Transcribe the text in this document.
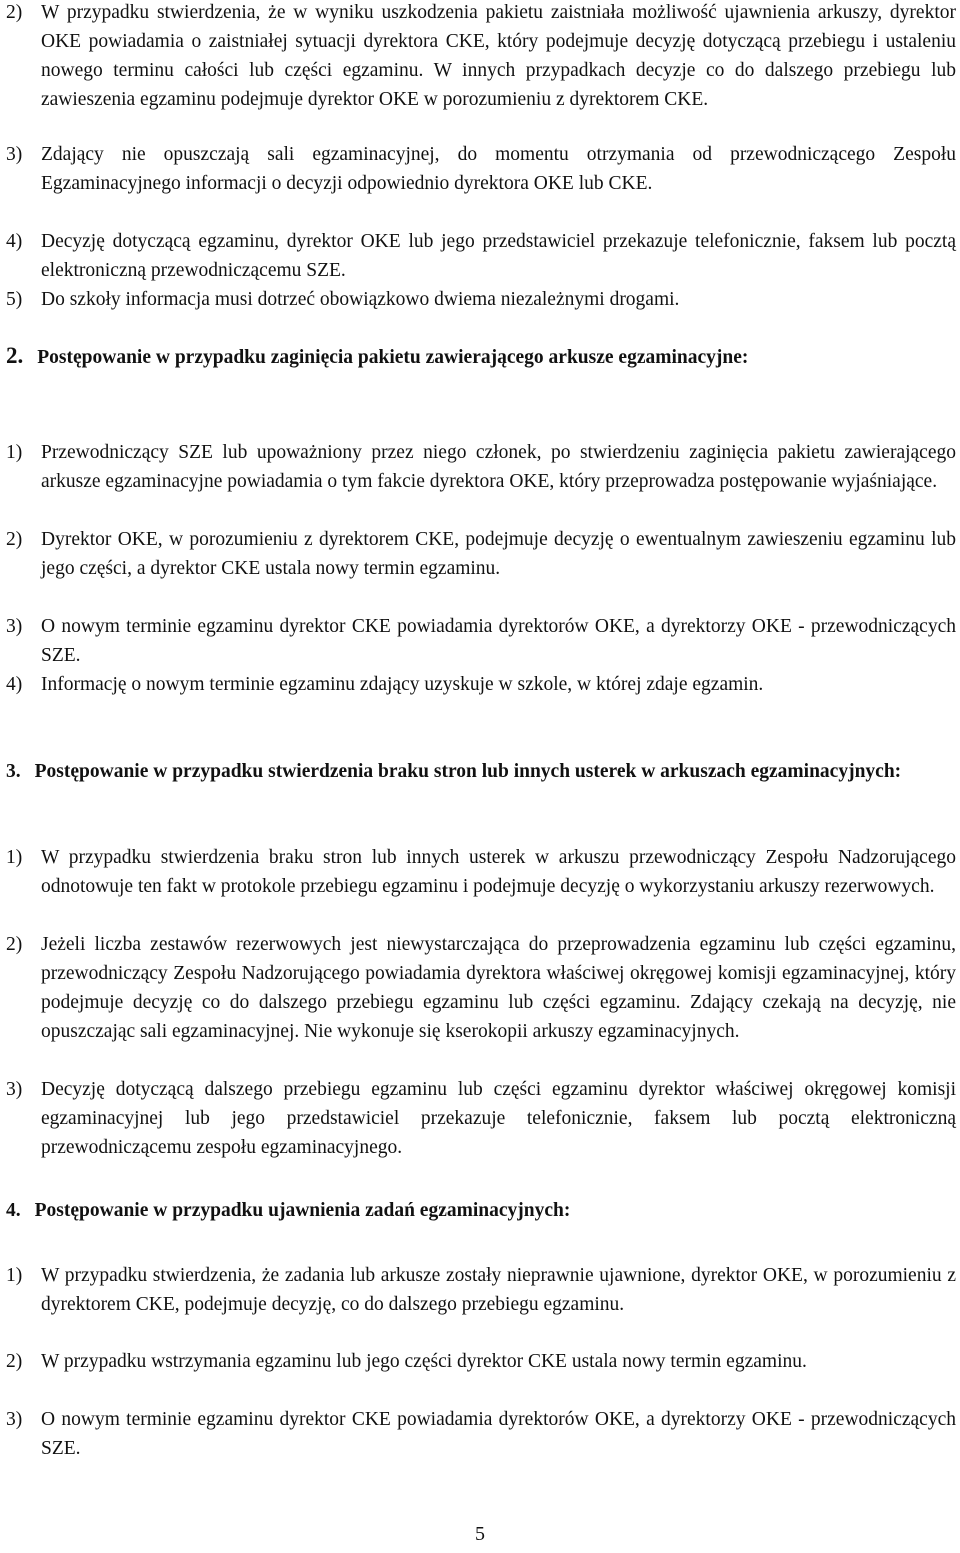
2) W przypadku stwierdzenia, że w wyniku uszkodzenia pakietu zaistniała możliwość ujawnienia arkuszy, dyrektor OKE powiadamia o zaistniałej sytuacji dyrektora CKE, który podejmuje decyzję dotyczącą przebiegu i ustaleniu nowego terminu całości lub części egzaminu. W innych przypadkach decyzje co do dalszego przebiegu lub zawieszenia egzaminu podejmuje dyrektor OKE w porozumieniu z dyrektorem CKE.
3) Zdający nie opuszczają sali egzaminacyjnej, do momentu otrzymania od przewodniczącego Zespołu Egzaminacyjnego informacji o decyzji odpowiednio dyrektora OKE lub CKE.
4) Decyzję dotyczącą egzaminu, dyrektor OKE lub jego przedstawiciel przekazuje telefonicznie, faksem lub pocztą elektroniczną przewodniczącemu SZE.
5) Do szkoły informacja musi dotrzeć obowiązkowo dwiema niezależnymi drogami.
2. Postępowanie w przypadku zaginięcia pakietu zawierającego arkusze egzaminacyjne:
1) Przewodniczący SZE lub upoważniony przez niego członek, po stwierdzeniu zaginięcia pakietu zawierającego arkusze egzaminacyjne powiadamia o tym fakcie dyrektora OKE, który przeprowadza postępowanie wyjaśniające.
2) Dyrektor OKE, w porozumieniu z dyrektorem CKE, podejmuje decyzję o ewentualnym zawieszeniu egzaminu lub jego części, a dyrektor CKE ustala nowy termin egzaminu.
3) O nowym terminie egzaminu dyrektor CKE powiadamia dyrektorów OKE, a dyrektorzy OKE - przewodniczących SZE.
4) Informację o nowym terminie egzaminu zdający uzyskuje w szkole, w której zdaje egzamin.
3. Postępowanie w przypadku stwierdzenia braku stron lub innych usterek w arkuszach egzaminacyjnych:
1) W przypadku stwierdzenia braku stron lub innych usterek w arkuszu przewodniczący Zespołu Nadzorującego odnotowuje ten fakt w protokole przebiegu egzaminu i podejmuje decyzję o wykorzystaniu arkuszy rezerwowych.
2) Jeżeli liczba zestawów rezerwowych jest niewystarczająca do przeprowadzenia egzaminu lub części egzaminu, przewodniczący Zespołu Nadzorującego powiadamia dyrektora właściwej okręgowej komisji egzaminacyjnej, który podejmuje decyzję co do dalszego przebiegu egzaminu lub części egzaminu. Zdający czekają na decyzję, nie opuszczając sali egzaminacyjnej. Nie wykonuje się kserokopii arkuszy egzaminacyjnych.
3) Decyzję dotyczącą dalszego przebiegu egzaminu lub części egzaminu dyrektor właściwej okręgowej komisji egzaminacyjnej lub jego przedstawiciel przekazuje telefonicznie, faksem lub pocztą elektroniczną przewodniczącemu zespołu egzaminacyjnego.
4. Postępowanie w przypadku ujawnienia zadań egzaminacyjnych:
1) W przypadku stwierdzenia, że zadania lub arkusze zostały nieprawnie ujawnione, dyrektor OKE, w porozumieniu z dyrektorem CKE, podejmuje decyzję, co do dalszego przebiegu egzaminu.
2) W przypadku wstrzymania egzaminu lub jego części dyrektor CKE ustala nowy termin egzaminu.
3) O nowym terminie egzaminu dyrektor CKE powiadamia dyrektorów OKE, a dyrektorzy OKE - przewodniczących SZE.
5
